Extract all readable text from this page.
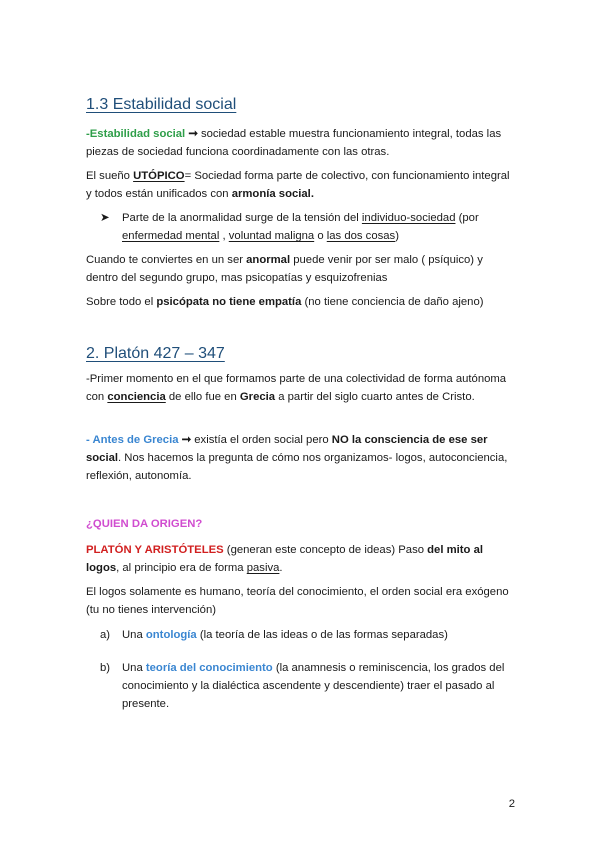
1.3 Estabilidad social

-Estabilidad social ➞ sociedad estable muestra funcionamiento integral, todas las piezas de sociedad funciona coordinadamente con las otras.

El sueño UTÓPICO= Sociedad forma parte de colectivo, con funcionamiento integral y todos están unificados con armonía social.

➤ Parte de la anormalidad surge de la tensión del individuo-sociedad (por enfermedad mental , voluntad maligna o las dos cosas)

Cuando te conviertes en un ser anormal puede venir por ser malo ( psíquico) y dentro del segundo grupo, mas psicopatías y esquizofrenias

Sobre todo el psicópata no tiene empatía (no tiene conciencia de daño ajeno)

2. Platón 427 – 347

-Primer momento en el que formamos parte de una colectividad de forma autónoma con conciencia de ello fue en Grecia a partir del siglo cuarto antes de Cristo.

- Antes de Grecia ➞ existía el orden social pero NO la consciencia de ese ser social. Nos hacemos la pregunta de cómo nos organizamos- logos, autoconciencia, reflexión, autonomía.

¿QUIEN DA ORIGEN?

PLATÓN Y ARISTÓTELES (generan este concepto de ideas) Paso del mito al logos, al principio era de forma pasiva.

El logos solamente es humano, teoría del conocimiento, el orden social era exógeno (tu no tienes intervención)

a) Una ontología (la teoría de las ideas o de las formas separadas)
b) Una teoría del conocimiento (la anamnesis o reminiscencia, los grados del conocimiento y la dialéctica ascendente y descendiente) traer el pasado al presente.
2
